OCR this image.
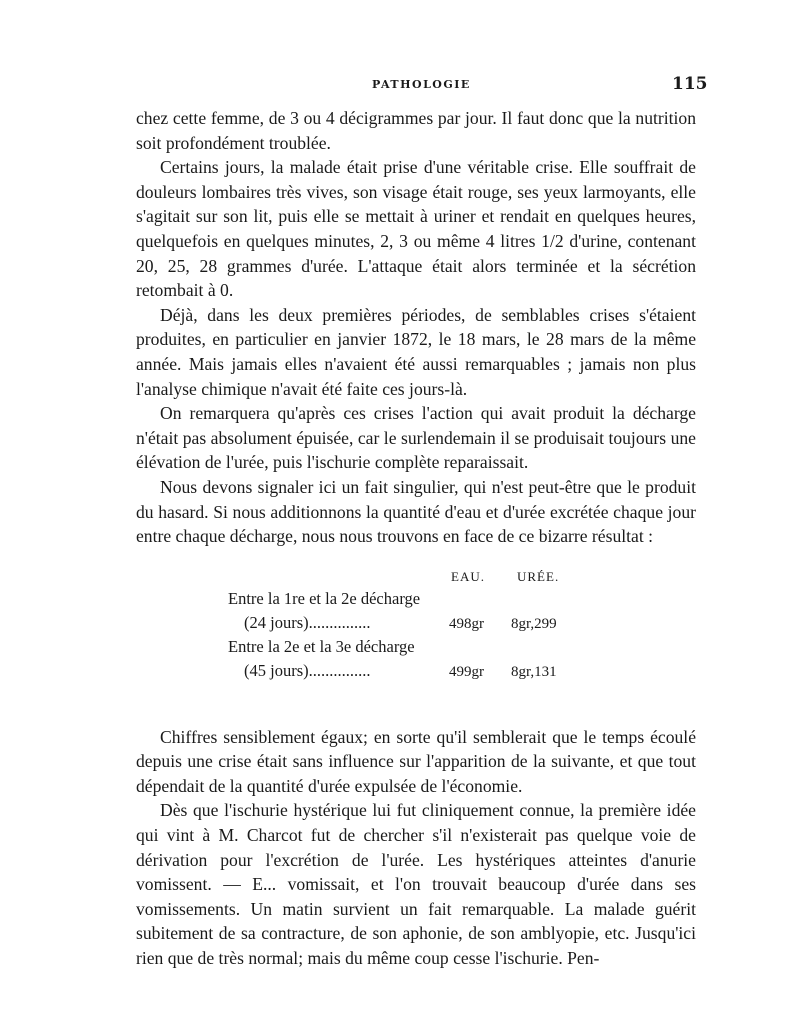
PATHOLOGIE	115

chez cette femme, de 3 ou 4 décigrammes par jour. Il faut donc que la nutrition soit profondément troublée.

Certains jours, la malade était prise d'une véritable crise. Elle souffrait de douleurs lombaires très vives, son visage était rouge, ses yeux larmoyants, elle s'agitait sur son lit, puis elle se mettait à uriner et rendait en quelques heures, quelquefois en quelques minutes, 2, 3 ou même 4 litres 1/2 d'urine, contenant 20, 25, 28 grammes d'urée. L'attaque était alors terminée et la sécrétion retombait à 0.

Déjà, dans les deux premières périodes, de semblables crises s'étaient produites, en particulier en janvier 1872, le 18 mars, le 28 mars de la même année. Mais jamais elles n'avaient été aussi remarquables ; jamais non plus l'analyse chimique n'avait été faite ces jours-là.

On remarquera qu'après ces crises l'action qui avait produit la décharge n'était pas absolument épuisée, car le surlendemain il se produisait toujours une élévation de l'urée, puis l'ischurie complète reparaissait.

Nous devons signaler ici un fait singulier, qui n'est peut-être que le produit du hasard. Si nous additionnons la quantité d'eau et d'urée excrétée chaque jour entre chaque décharge, nous nous trouvons en face de ce bizarre résultat :

EAU. URÉE.
Entre la 1re et la 2e décharge
(24 jours)...............	498gr 8gr,299
Entre la 2e et la 3e décharge
(45 jours)...............	499gr 8gr,131

Chiffres sensiblement égaux; en sorte qu'il semblerait que le temps écoulé depuis une crise était sans influence sur l'apparition de la suivante, et que tout dépendait de la quantité d'urée expulsée de l'économie.

Dès que l'ischurie hystérique lui fut cliniquement connue, la première idée qui vint à M. Charcot fut de chercher s'il n'existerait pas quelque voie de dérivation pour l'excrétion de l'urée. Les hystériques atteintes d'anurie vomissent. — E... vomissait, et l'on trouvait beaucoup d'urée dans ses vomissements. Un matin survient un fait remarquable. La malade guérit subitement de sa contracture, de son aphonie, de son amblyopie, etc. Jusqu'ici rien que de très normal; mais du même coup cesse l'ischurie. Pen-
